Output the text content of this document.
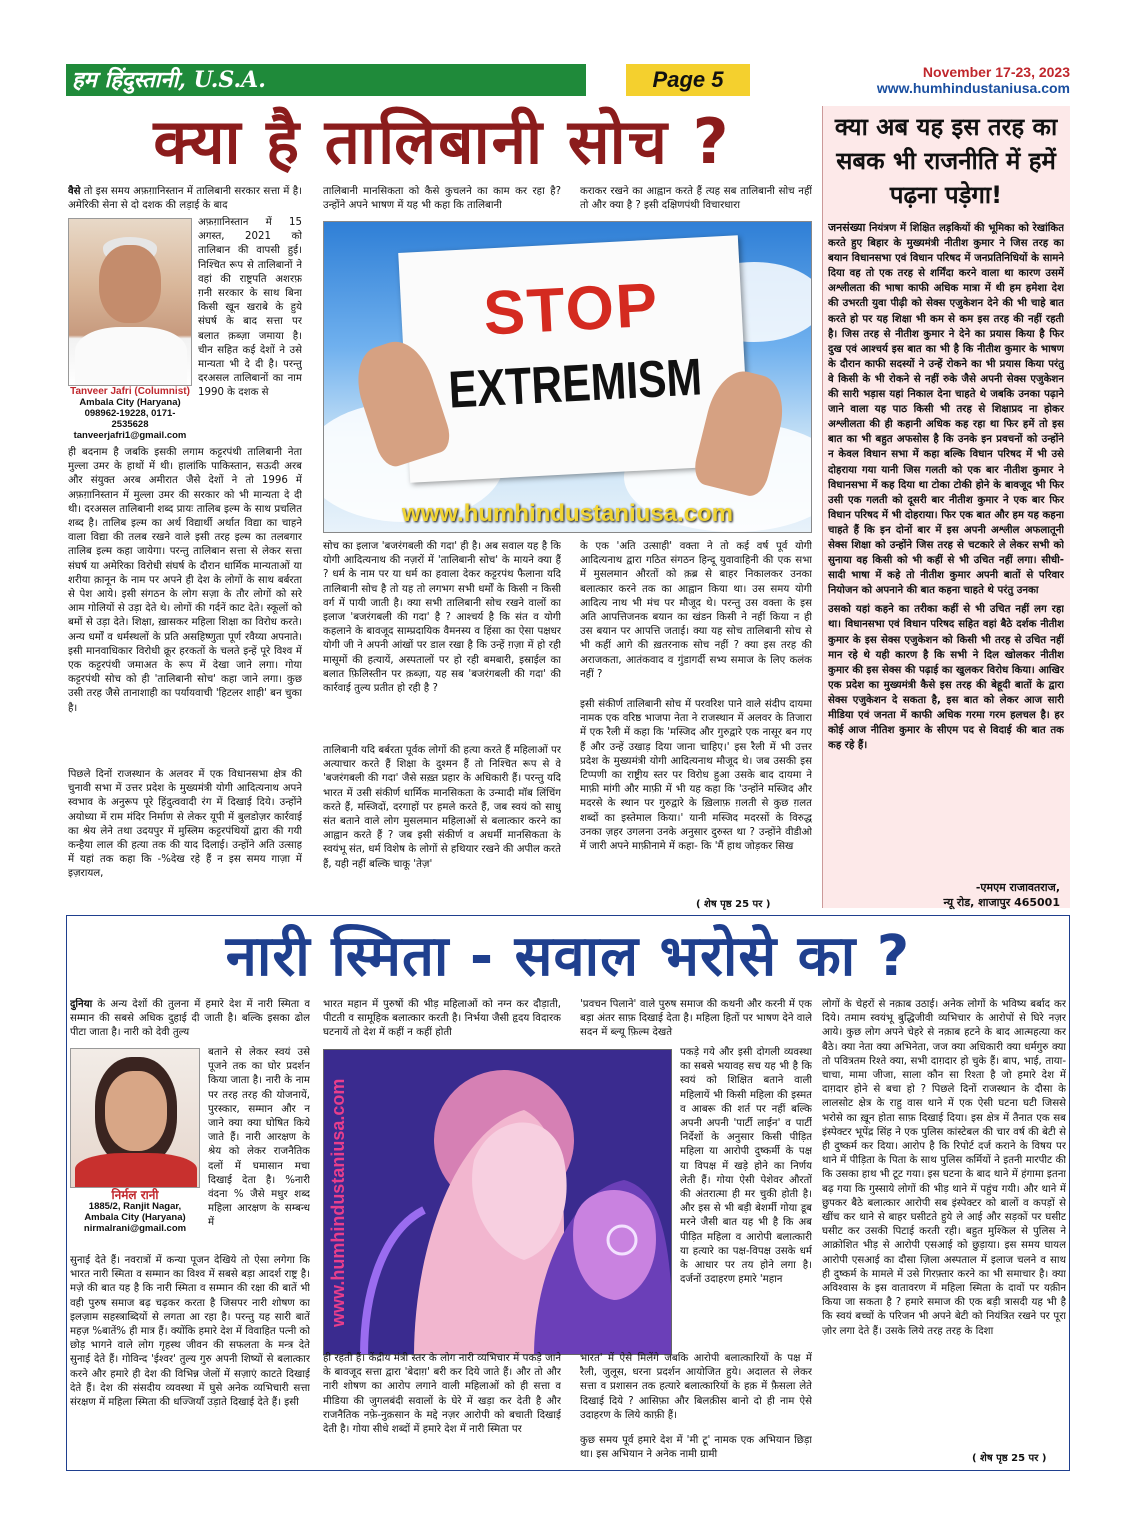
हम हिंदुस्तानी, U.S.A.	Page 5	November 17-23, 2023
www.humhindustaniusa.com
क्या है तालिबानी सोच ?
वैसे तो इस समय अफ़ग़ानिस्तान में तालिबानी सरकार सत्ता में है। अमेरिकी सेना से दो दशक की लड़ाई के बाद
Tanveer Jafri (Columnist)
Ambala City (Haryana)
098962-19228, 0171-2535628
tanveerjafri1@gmail.com
अफ़ग़ानिस्तान में 15 अगस्त, 2021 को तालिबान की वापसी हुई। निश्चित रूप से तालिबानों ने वहां की राष्ट्रपति अशरफ़ ग़नी सरकार के साथ बिना किसी खून खराबे के हुये संघर्ष के बाद सत्ता पर बलात क़ब्ज़ा जमाया है। चीन सहित कई देशों ने उसे मान्यता भी दे दी है। परन्तु दरअसल तालिबानों का नाम 1990 के दशक से
ही बदनाम है जबकि इसकी लगाम कट्टरपंथी तालिबानी नेता मुल्ला उमर के हाथों में थी। हालांकि पाकिस्तान, सऊदी अरब और संयुक्त अरब अमीरात जैसे देशों ने तो 1996 में अफ़ग़ानिस्तान में मुल्ला उमर की सरकार को भी मान्यता दे दी थी। दरअसल तालिबानी शब्द प्रायः तालिब इल्म के साथ प्रचलित शब्द है। तालिब इल्म का अर्थ विद्यार्थी अर्थात विद्या का चाहने वाला विद्या की तलब रखने वाले इसी तरह इल्म का तलबगार तालिब इल्म कहा जायेगा। परन्तु तालिबान सत्ता से लेकर सत्ता संघर्ष या अमेरिका विरोधी संघर्ष के दौरान धार्मिक मान्यताओं या शरीया क़ानून के नाम पर अपने ही देश के लोगों के साथ बर्बरता से पेश आये। इसी संगठन के लोग सज़ा के तौर लोगों को सरे आम गोलियों से उड़ा देते थे। लोगों की गर्दनें काट देते। स्कूलों को बमों से उड़ा देते। शिक्षा, ख़ासकर महिला शिक्षा का विरोध करते। अन्य धर्मों व धर्मस्थलों के प्रति असहिष्णुता पूर्ण रवैय्या अपनाते। इसी मानवाधिकार विरोधी क्रूर हरकतों के चलते इन्हें पूरे विश्व में एक कट्टरपंथी जमाअत के रूप में देखा जाने लगा। गोया कट्टरपंथी सोच को ही 'तालिबानी सोच' कहा जाने लगा। कुछ उसी तरह जैसे तानाशाही का पर्यायवाची 'हिटलर शाही' बन चुका है।
पिछले दिनों राजस्थान के अलवर में एक विधानसभा क्षेत्र की चुनावी सभा में उत्तर प्रदेश के मुख्यमंत्री योगी आदित्यनाथ अपने स्वभाव के अनुरूप पूरे हिंदुत्ववादी रंग में दिखाई दिये। उन्होंने अयोध्या में राम मंदिर निर्माण से लेकर यूपी में बुलडोज़र कार्रवाई का श्रेय लेने तथा उदयपुर में मुस्लिम कट्टरपंथियों द्वारा की गयी कन्हैया लाल की हत्या तक की याद दिलाई। उन्होंने अति उत्साह में यहां तक कहा कि -%देख रहे हैं न इस समय गाज़ा में इज़रायल,
तालिबानी मानसिकता को कैसे कुचलने का काम कर रहा है? उन्होंने अपने भाषण में यह भी कहा कि तालिबानी
कराकर रखने का आह्वान करते हैं त्यह सब तालिबानी सोच नहीं तो और क्या है ? इसी दक्षिणपंथी विचारधारा
STOP
EXTREMISM
www.humhindustaniusa.com
सोच का इलाज 'बजरंगबली की गदा' ही है। अब सवाल यह है कि योगी आदित्यनाथ की नज़रों में 'तालिबानी सोच' के मायने क्या हैं ? धर्म के नाम पर या धर्म का हवाला देकर कट्टरपंथ फैलाना यदि तालिबानी सोच है तो यह तो लगभग सभी धर्मों के किसी न किसी वर्ग में पायी जाती है। क्या सभी तालिबानी सोच रखने वालों का इलाज 'बजरंगबली की गदा' है ? आश्चर्य है कि संत व योगी कहलाने के बावजूद साम्प्रदायिक वैमनस्य व हिंसा का ऐसा पक्षधर योगी जी ने अपनी आंखों पर डाल रखा है कि उन्हें ग़ज़ा में हो रही मासूमों की हत्यायें, अस्पतालों पर हो रही बमबारी, इस्राईल का बलात फ़िलिस्तीन पर क़ब्ज़ा, यह सब 'बजरंगबली की गदा' की कार्रवाई तुल्य प्रतीत हो रही है ?
तालिबानी यदि बर्बरता पूर्वक लोगों की हत्या करते हैं महिलाओं पर अत्याचार करते हैं शिक्षा के दुश्मन हैं तो निश्चित रूप से वे 'बजरंगबली की गदा' जैसे सख़्त प्रहार के अधिकारी हैं। परन्तु यदि भारत में उसी संकीर्ण धार्मिक मानसिकता के उन्मादी मॉब लिंचिंग करते हैं, मस्जिदों, दरगाहों पर हमले करते हैं, जब स्वयं को साधु संत बताने वाले लोग मुसलमान महिलाओं से बलात्कार करने का आह्वान करते हैं ? जब इसी संकीर्ण व अधर्मी मानसिकता के स्वयंभू संत, धर्म विशेष के लोगों से हथियार रखने की अपील करते हैं, यही नहीं बल्कि चाकू 'तेज़'
के एक 'अति उत्साही' वक्ता ने तो कई वर्ष पूर्व योगी आदित्यनाथ द्वारा गठित संगठन हिन्दू युवावाहिनी की एक सभा में मुसलमान औरतों को क़ब्र से बाहर निकालकर उनका बलात्कार करने तक का आह्वान किया था। उस समय योगी आदित्य नाथ भी मंच पर मौजूद थे। परन्तु उस वक्ता के इस अति आपत्तिजनक बयान का खंडन किसी ने नहीं किया न ही उस बयान पर आपत्ति जताई। क्या यह सोच तालिबानी सोच से भी कहीं आगे की ख़तरनाक सोच नहीं ? क्या इस तरह की अराजकता, आतंकवाद व गुंडागर्दी सभ्य समाज के लिए कलंक नहीं ?
इसी संकीर्ण तालिबानी सोच में परवरिश पाने वाले संदीप दायमा नामक एक वरिष्ठ भाजपा नेता ने राजस्थान में अलवर के तिजारा में एक रैली में कहा कि 'मस्जिद और गुरुद्वारे एक नासूर बन गए हैं और उन्हें उखाड़ दिया जाना चाहिए।' इस रैली में भी उत्तर प्रदेश के मुख्यमंत्री योगी आदित्यनाथ मौजूद थे। जब उसकी इस टिप्पणी का राष्ट्रीय स्तर पर विरोध हुआ उसके बाद दायमा ने माफ़ी मांगी और माफ़ी में भी यह कहा कि 'उन्होंने मस्जिद और मदरसे के स्थान पर गुरुद्वारे के ख़िलाफ़ ग़लती से कुछ ग़लत शब्दों का इस्तेमाल किया।' यानी मस्जिद मदरसों के विरुद्ध उनका ज़हर उगलना उनके अनुसार दुरुस्त था ? उन्होंने वीडीओ में जारी अपने माफ़ीनामे में कहा- कि 'मैं हाथ जोड़कर सिख
( शेष पृष्ठ 25 पर )
क्या अब यह इस तरह का सबक भी राजनीति में हमें पढ़ना पड़ेगा!
जनसंख्या नियंत्रण में शिक्षित लड़कियों की भूमिका को रेखांकित करते हुए बिहार के मुख्यमंत्री नीतीश कुमार ने जिस तरह का बयान विधानसभा एवं विधान परिषद में जनप्रतिनिधियों के सामने दिया वह तो एक तरह से शर्मिंदा करने वाला था कारण उसमें अश्लीलता की भाषा काफी अधिक मात्रा में थी हम हमेशा देश की उभरती युवा पीढ़ी को सेक्स एजुकेशन देने की भी चाहे बात करते हो पर यह शिक्षा भी कम से कम इस तरह की नहीं रहती है। जिस तरह से नीतीश कुमार ने देने का प्रयास किया है फिर दुख एवं आश्चर्य इस बात का भी है कि नीतीश कुमार के भाषण के दौरान काफी सदस्यों ने उन्हें रोकने का भी प्रयास किया परंतु वे किसी के भी रोकने से नहीं रुके जैसे अपनी सेक्स एजुकेशन की सारी भड़ास यहां निकाल देना चाहते थे जबकि उनका पढ़ाने जाने वाला यह पाठ किसी भी तरह से शिक्षाप्रद ना होकर अश्लीलता की ही कहानी अधिक कह रहा था फिर हमें तो इस बात का भी बहुत अफसोस है कि उनके इन प्रवचनों को उन्होंने न केवल विधान सभा में कहा बल्कि विधान परिषद में भी उसे दोहराया गया यानी जिस गलती को एक बार नीतीश कुमार ने विधानसभा में कह दिया था टोका टोकी होने के बावजूद भी फिर उसी एक गलती को दूसरी बार नीतीश कुमार ने एक बार फिर विधान परिषद में भी दोहराया। फिर एक बात और हम यह कहना चाहते हैं कि इन दोनों बार में इस अपनी अश्लील अफलातूनी सेक्स शिक्षा को उन्होंने जिस तरह से चटकारे ले लेकर सभी को सुनाया वह किसी को भी कहीं से भी उचित नहीं लगा। सीधी-सादी भाषा में कहे तो नीतीश कुमार अपनी बातों से परिवार नियोजन को अपनाने की बात कहना चाहते थे परंतु उनका
उसको यहां कहने का तरीका कहीं से भी उचित नहीं लग रहा था। विधानसभा एवं विधान परिषद सहित वहां बैठे दर्शक नीतीश कुमार के इस सेक्स एजुकेशन को किसी भी तरह से उचित नहीं मान रहे थे यही कारण है कि सभी ने दिल खोलकर नीतीश कुमार की इस सेक्स की पढ़ाई का खुलकर विरोध किया। आखिर एक प्रदेश का मुख्यमंत्री कैसे इस तरह की बेहूदी बातों के द्वारा सेक्स एजुकेशन दे सकता है, इस बात को लेकर आज सारी मीडिया एवं जनता में काफी अधिक गरमा गरम हलचल है। हर कोई आज नीतिश कुमार के सीएम पद से विदाई की बात तक कह रहे हैं।
-एमएम राजावतराज,
न्यू रोड, शाजापुर 465001
नारी स्मिता - सवाल भरोसे का ?
दुनिया के अन्य देशों की तुलना में हमारे देश में नारी स्मिता व सम्मान की सबसे अधिक दुहाई दी जाती है। बल्कि इसका ढोल पीटा जाता है। नारी को देवी तुल्य
निर्मल रानी
1885/2, Ranjit Nagar,
Ambala City (Haryana)
nirmalrani@gmail.com
बताने से लेकर स्वयं उसे पूजने तक का घोर प्रदर्शन किया जाता है। नारी के नाम पर तरह तरह की योजनायें, पुरस्कार, सम्मान और न जाने क्या क्या घोषित किये जाते हैं। नारी आरक्षण के श्रेय को लेकर राजनैतिक दलों में घमासान मचा दिखाई देता है। %नारी वंदना % जैसे मधुर शब्द महिला आरक्षण के सम्बन्ध में
सुनाई देते हैं। नवरात्रों में कन्या पूजन देखिये तो ऐसा लगेगा कि भारत नारी स्मिता व सम्मान का विश्व में सबसे बड़ा आदर्श राष्ट्र है। मज़े की बात यह है कि नारी स्मिता व सम्मान की रक्षा की बातें भी वही पुरुष समाज बढ़ चढ़कर करता है जिसपर नारी शोषण का इलज़ाम सहस्त्राब्दियों से लगता आ रहा है। परन्तु यह सारी बातें महज़ %बातें% ही मात्र हैं। क्योंकि हमारे देश में विवाहित पत्नी को छोड़ भागने वाले लोग गृहस्थ जीवन की सफलता के मन्त्र देते सुनाई देते हैं। गोविन्द 'ईश्वर' तुल्य गुरु अपनी शिष्यों से बलात्कार करने और हमारे ही देश की विभिन्न जेलों में सज़ाएं काटते दिखाई देते हैं। देश की संसदीय व्यवस्था में घुसे अनेक व्यभिचारी सत्ता संरक्षण में महिला स्मिता की धज्जियाँ उड़ाते दिखाई देते हैं। इसी
भारत महान में पुरुषों की भीड़ महिलाओं को नग्न कर दौड़ाती, पीटती व सामूहिक बलात्कार करती है। निर्भया जैसी हृदय विदारक घटनायें तो देश में कहीं न कहीं होती
'प्रवचन पिलाने' वाले पुरुष समाज की कथनी और करनी में एक बड़ा अंतर साफ़ दिखाई देता है। महिला हितों पर भाषण देने वाले सदन में ब्ल्यू फ़िल्म देखते
www.humhindustaniusa.com
पकड़े गये और इसी दोगली व्यवस्था का सबसे भयावह सच यह भी है कि स्वयं को शिक्षित बताने वाली महिलायें भी किसी महिला की इस्मत व आबरू की शर्त पर नहीं बल्कि अपनी अपनी 'पार्टी लाईन' व पार्टी निर्देशों के अनुसार किसी पीड़ित महिला या आरोपी दुष्कर्मी के पक्ष या विपक्ष में खड़े होने का निर्णय लेती हैं। गोया ऐसी पेशेवर औरतों की अंतरात्मा ही मर चुकी होती है। और इस से भी बड़ी बेशर्मी गोया डूब मरने जैसी बात यह भी है कि अब पीड़ित महिला व आरोपी बलात्कारी या हत्यारे का पक्ष-विपक्ष उसके धर्म के आधार पर तय होने लगा है। दर्जनों उदाहरण हमारे 'महान
ही रहती हैं। केंद्रीय मंत्री स्तर के लोग नारी व्यभिचार में पकड़े जाने के बावजूद सत्ता द्वारा 'बेदाग़' बरी कर दिये जाते हैं। और तो और नारी शोषण का आरोप लगाने वाली महिलाओं को ही सत्ता व मीडिया की जुगलबंदी सवालों के घेरे में खड़ा कर देती है और राजनैतिक नफ़े-नुक़सान के मद्दे नज़र आरोपी को बचाती दिखाई देती है। गोया सीधे शब्दों में हमारे देश में नारी स्मिता पर
भारत' में ऐसे मिलेंगे जबकि आरोपी बलात्कारियों के पक्ष में रैली, जुलूस, धरना प्रदर्शन आयोजित हुये। अदालत से लेकर सत्ता व प्रशासन तक हत्यारे बलात्कारियों के हक़ में फ़ैसला लेते दिखाई दिये ? आसिफ़ा और बिलक़ीस बानो दो ही नाम ऐसे उदाहरण के लिये काफ़ी हैं।
कुछ समय पूर्व हमारे देश में 'मी टू' नामक एक अभियान छिड़ा था। इस अभियान ने अनेक नामी ग्रामी
लोगों के चेहरों से नक़ाब उठाई। अनेक लोगों के भविष्य बर्बाद कर दिये। तमाम स्वयंभू बुद्धिजीवी व्यभिचार के आरोपों से घिरे नज़र आये। कुछ लोग अपने चेहरे से नक़ाब हटने के बाद आत्महत्या कर बैठे। क्या नेता क्या अभिनेता, जज क्या अधिकारी क्या धर्मगुरु क्या तो पवित्रतम रिश्ते क्या, सभी दाग़दार हो चुके हैं। बाप, भाई, ताया-चाचा, मामा जीजा, साला कौन सा रिश्ता है जो हमारे देश में दाग़दार होने से बचा हो ? पिछले दिनों राजस्थान के दौसा के लालसोट क्षेत्र के राहु वास थाने में एक ऐसी घटना घटी जिससे भरोसे का ख़ून होता साफ़ दिखाई दिया। इस क्षेत्र में तैनात एक सब इंस्पेक्टर भूपेंद्र सिंह ने एक पुलिस कांस्टेबल की चार वर्ष की बेटी से ही दुष्कर्म कर दिया। आरोप है कि रिपोर्ट दर्ज कराने के विषय पर थाने में पीड़िता के पिता के साथ पुलिस कर्मियों ने इतनी मारपीट की कि उसका हाथ भी टूट गया। इस घटना के बाद थाने में हंगामा इतना बढ़ गया कि गुस्साये लोगों की भीड़ थाने में पहुंच गयी। और थाने में छुपकर बैठे बलात्कार आरोपी सब इंस्पेक्टर को बालों व कपड़ों से खींच कर थाने से बाहर घसीटते हुये ले आई और सड़कों पर घसीट घसीट कर उसकी पिटाई करती रही। बहुत मुश्किल से पुलिस ने आक्रोशित भीड़ से आरोपी एसआई को छुड़ाया। इस समय घायल आरोपी एसआई का दौसा ज़िला अस्पताल में इलाज चलने व साथ ही दुष्कर्म के मामले में उसे गिरफ़्तार करने का भी समाचार है। क्या अविश्वास के इस वातावरण में महिला स्मिता के दावों पर यक़ीन किया जा सकता है ? हमारे समाज की एक बड़ी त्रासदी यह भी है कि स्वयं बच्चों के परिजन भी अपने बेटी को नियंत्रित रखने पर पूरा ज़ोर लगा देते हैं। उसके लिये तरह तरह के दिशा
( शेष पृष्ठ 25 पर )
